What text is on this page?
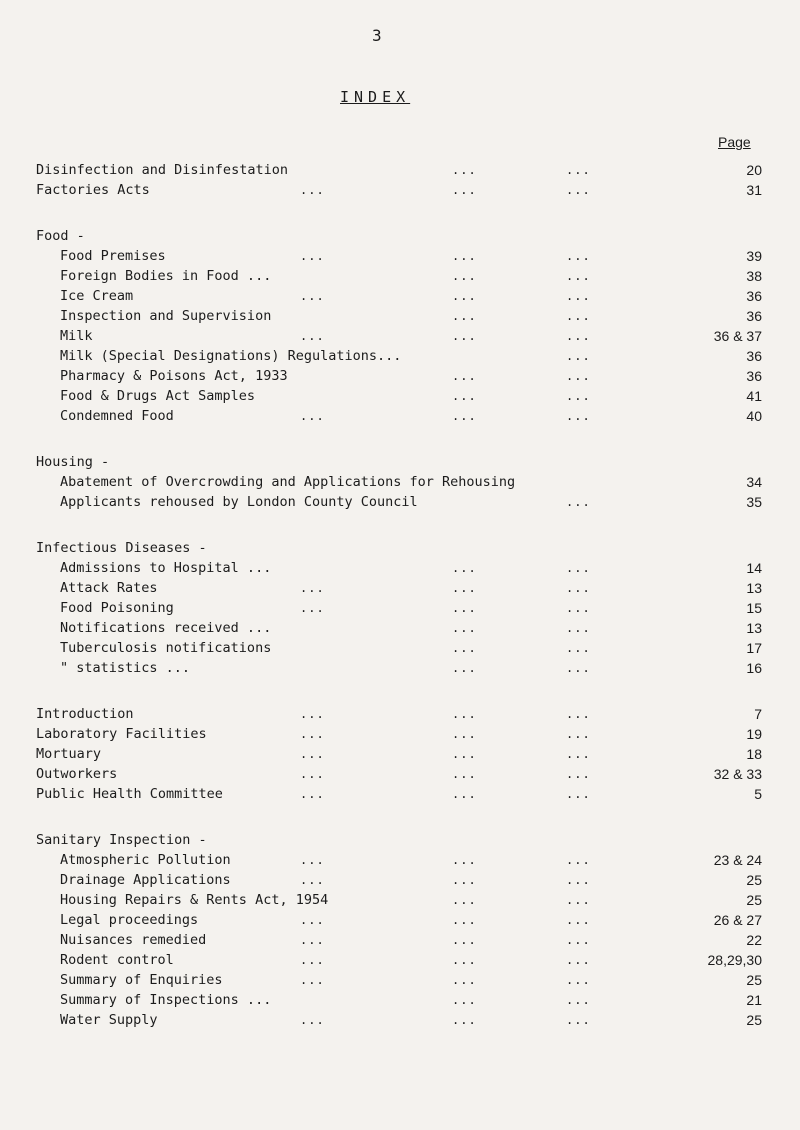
3
INDEX
Page
Disinfection and Disinfestation	...	...	20
Factories Acts	...	...	...	31
Food -
Food Premises	...	...	...	39
Foreign Bodies in Food ...	...	...	38
Ice Cream	...	...	...	36
Inspection and Supervision	...	...	36
Milk	...	...	...	36 & 37
Milk (Special Designations) Regulations...	...	36
Pharmacy & Poisons Act, 1933	...	...	36
Food & Drugs Act Samples	...	...	41
Condemned Food	...	...	...	40
Housing -
Abatement of Overcrowding and Applications for Rehousing	34
Applicants rehoused by London County Council	...	35
Infectious Diseases -
Admissions to Hospital ...	...	...	14
Attack Rates	...	...	...	13
Food Poisoning	...	...	...	15
Notifications received ...	...	...	13
Tuberculosis notifications	...	...	17
" statistics ...	...	...	16
Introduction	...	...	...	7
Laboratory Facilities	...	...	...	19
Mortuary	...	...	...	18
Outworkers	...	...	...	32 & 33
Public Health Committee	...	...	...	5
Sanitary Inspection -
Atmospheric Pollution	...	...	...	23 & 24
Drainage Applications	...	...	...	25
Housing Repairs & Rents Act, 1954	...	...	25
Legal proceedings	...	...	...	26 & 27
Nuisances remedied	...	...	...	22
Rodent control	...	...	...	28,29,30
Summary of Enquiries	...	...	...	25
Summary of Inspections ...	...	...	21
Water Supply	...	...	...	25
